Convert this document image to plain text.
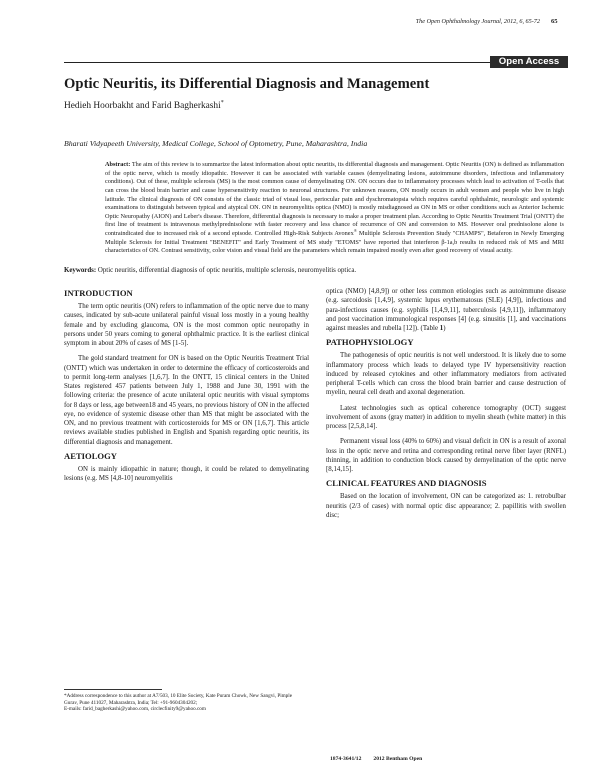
The Open Ophthalmology Journal, 2012, 6, 65-72 65
Open Access
Optic Neuritis, its Differential Diagnosis and Management
Hedieh Hoorbakht and Farid Bagherkashi*
Bharati Vidyapeeth University, Medical College, School of Optometry, Pune, Maharashtra, India
Abstract: The aim of this review is to summarize the latest information about optic neuritis, its differential diagnosis and management. Optic Neuritis (ON) is defined as inflammation of the optic nerve, which is mostly idiopathic. However it can be associated with variable causes (demyelinating lesions, autoimmune disorders, infectious and inflammatory conditions). Out of these, multiple sclerosis (MS) is the most common cause of demyelinating ON. ON occurs due to inflammatory processes which lead to activation of T-cells that can cross the blood brain barrier and cause hypersensitivity reaction to neuronal structures. For unknown reasons, ON mostly occurs in adult women and people who live in high latitude. The clinical diagnosis of ON consists of the classic triad of visual loss, periocular pain and dyschromatopsia which requires careful ophthalmic, neurologic and systemic examinations to distinguish between typical and atypical ON. ON in neuromyelitis optica (NMO) is mostly misdiagnosed as ON in MS or other conditions such as Anterior Ischemic Optic Neuropathy (AION) and Leber's disease. Therefore, differential diagnosis is necessary to make a proper treatment plan. According to Optic Neuritis Treatment Trial (ONTT) the first line of treatment is intravenous methylprednisolone with faster recovery and less chance of recurrence of ON and conversion to MS. However oral prednisolone alone is contraindicated due to increased risk of a second episode. Controlled High-Risk Subjects Avonex® Multiple Sclerosis Prevention Study "CHAMPS", Betaferon in Newly Emerging Multiple Sclerosis for Initial Treatment "BENEFIT" and Early Treatment of MS study "ETOMS" have reported that interferon β-1a,b results in reduced risk of MS and MRI characteristics of ON. Contrast sensitivity, color vision and visual field are the parameters which remain impaired mostly even after good recovery of visual acuity.
Keywords: Optic neuritis, differential diagnosis of optic neuritis, multiple sclerosis, neuromyelitis optica.

INTRODUCTION

The term optic neuritis (ON) refers to inflammation of the optic nerve due to many causes, indicated by sub-acute unilateral painful visual loss mostly in a young healthy female and by excluding glaucoma, ON is the most common optic neuropathy in persons under 50 years coming to general ophthalmic practice. It is the earliest clinical symptom in about 20% of cases of MS [1-5].

The gold standard treatment for ON is based on the Optic Neuritis Treatment Trial (ONTT) which was undertaken in order to determine the efficacy of corticosteroids and to permit long-term analyses [1,6,7]. In the ONTT, 15 clinical centers in the United States registered 457 patients between July 1, 1988 and June 30, 1991 with the following criteria: the presence of acute unilateral optic neuritis with visual symptoms for 8 days or less, age between18 and 45 years, no previous history of ON in the affected eye, no evidence of systemic disease other than MS that might be associated with the ON, and no previous treatment with corticosteroids for MS or ON [1,6,7]. This article reviews available studies published in English and Spanish regarding optic neuritis, its differential diagnosis and management.

AETIOLOGY

ON is mainly idiopathic in nature; though, it could be related to demyelinating lesions (e.g. MS [4,8-10] neuromyelitis

optica (NMO) [4,8,9]) or other less common etiologies such as autoimmune disease (e.g. sarcoidosis [1,4,9], systemic lupus erythematosus (SLE) [4,9]), infectious and para-infectious causes (e.g. syphilis [1,4,9,11], tuberculosis [4,9,11]), inflammatory and post vaccination immunological responses [4] (e.g. sinusitis [1], and vaccinations against measles and rubella [12]). (Table 1)

PATHOPHYSIOLOGY

The pathogenesis of optic neuritis is not well understood. It is likely due to some inflammatory process which leads to delayed type IV hypersensitivity reaction induced by released cytokines and other inflammatory mediators from activated peripheral T-cells which can cross the blood brain barrier and cause destruction of myelin, neural cell death and axonal degeneration.

Latest technologies such as optical coherence tomography (OCT) suggest involvement of axons (gray matter) in addition to myelin sheath (white matter) in this process [2,5,8,14].

Permanent visual loss (40% to 60%) and visual deficit in ON is a result of axonal loss in the optic nerve and retina and corresponding retinal nerve fiber layer (RNFL) thinning, in addition to conduction block caused by demyelination of the optic nerve [8,14,15].

CLINICAL FEATURES AND DIAGNOSIS

Based on the location of involvement, ON can be categorized as: 1. retrobulbar neuritis (2/3 of cases) with normal optic disc appearance; 2. papillitis with swollen disc;

*Address correspondence to this author at A7/503, 10 Elite Society, Kate Puram Chowk, New Sangvi, Pimple Gurav, Pune 411027, Maharashtra, India; Tel: +91-9604304202;

E-mails: farid_bagherkashi@yahoo.com, circlecfinity9@yahoo.com

1874-3641/12 2012 Bentham Open
